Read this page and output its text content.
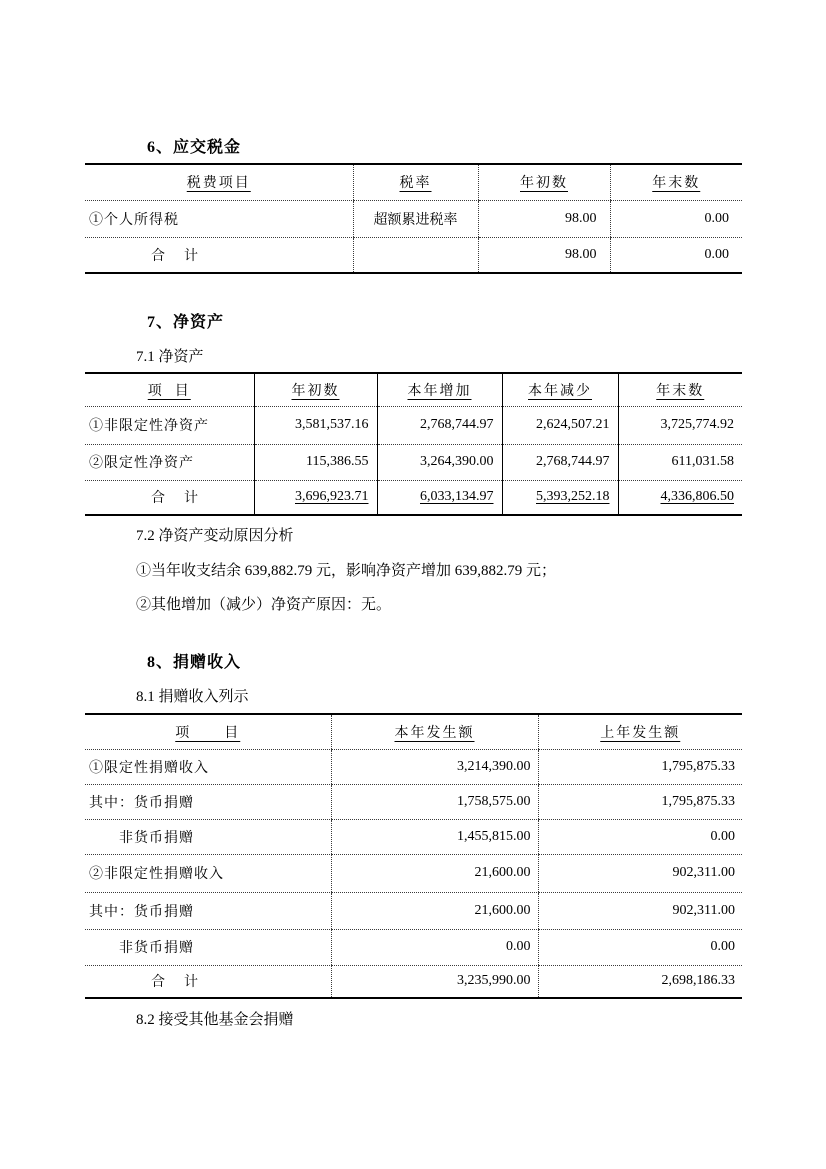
6、应交税金
税费项目	税率	年初数	年末数
①个人所得税	超额累进税率	98.00	0.00
合    计		98.00	0.00
7、净资产
7.1 净资产
项  目	年初数	本年增加	本年减少	年末数
①非限定性净资产	3,581,537.16	2,768,744.97	2,624,507.21	3,725,774.92
②限定性净资产	115,386.55	3,264,390.00	2,768,744.97	611,031.58
合    计	3,696,923.71	6,033,134.97	5,393,252.18	4,336,806.50
7.2 净资产变动原因分析
①当年收支结余 639,882.79 元，影响净资产增加 639,882.79 元；
②其他增加（减少）净资产原因：无。
8、捐赠收入
8.1 捐赠收入列示
项      目	本年发生额	上年发生额
①限定性捐赠收入	3,214,390.00	1,795,875.33
其中：货币捐赠	1,758,575.00	1,795,875.33
非货币捐赠	1,455,815.00	0.00
②非限定性捐赠收入	21,600.00	902,311.00
其中：货币捐赠	21,600.00	902,311.00
非货币捐赠	0.00	0.00
合    计	3,235,990.00	2,698,186.33
8.2 接受其他基金会捐赠
